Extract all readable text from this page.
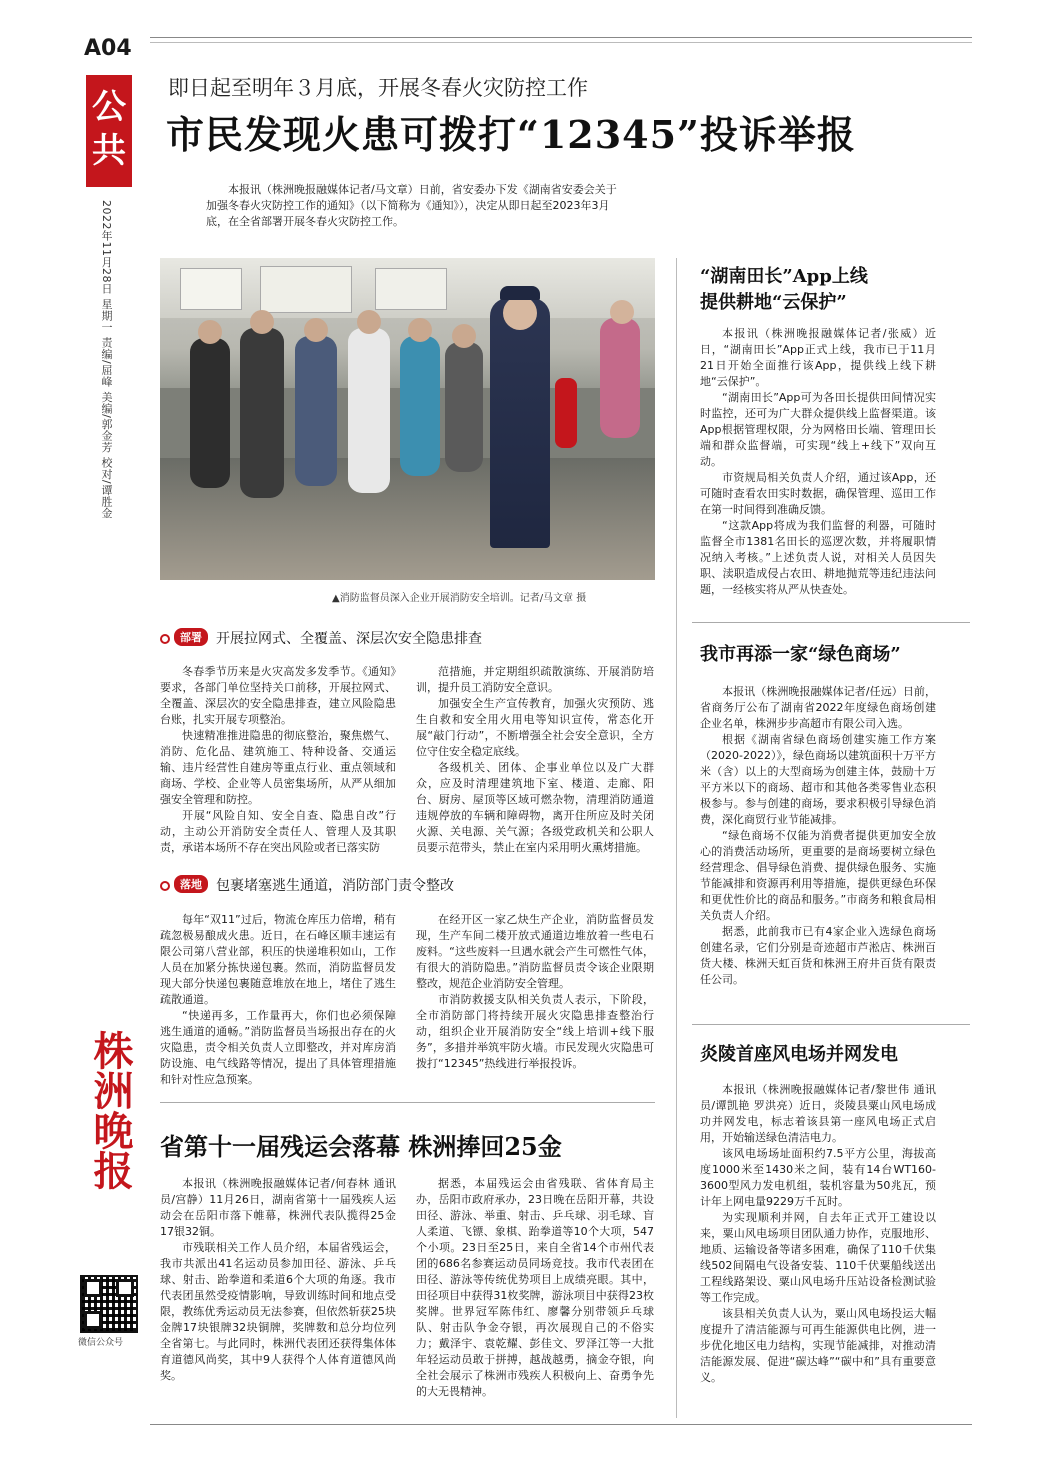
A04
公
共
2022年11月28日 星期一 责编/屈峰 美编/郭金芳 校对/谭胜金
株洲晚报
微信公众号
即日起至明年３月底，开展冬春火灾防控工作
市民发现火患可拨打“12345”投诉举报
本报讯（株洲晚报融媒体记者/马文章）日前，省安委办下发《湖南省安委会关于加强冬春火灾防控工作的通知》（以下简称为《通知》），决定从即日起至2023年3月底，在全省部署开展冬春火灾防控工作。
▲消防监督员深入企业开展消防安全培训。记者/马文章 摄
部署 开展拉网式、全覆盖、深层次安全隐患排查

冬春季节历来是火灾高发多发季节。《通知》要求，各部门单位坚持关口前移，开展拉网式、全覆盖、深层次的安全隐患排查，建立风险隐患台账，扎实开展专项整治。

快速精准推进隐患的彻底整治，聚焦燃气、消防、危化品、建筑施工、特种设备、交通运输、违片经营性自建房等重点行业、重点领域和商场、学校、企业等人员密集场所，从严从细加强安全管理和防控。

开展“风险自知、安全自查、隐患自改”行动，主动公开消防安全责任人、管理人及其职责，承诺本场所不存在突出风险或者已落实防

范措施，并定期组织疏散演练、开展消防培训，提升员工消防安全意识。

加强安全生产宣传教育，加强火灾预防、逃生自救和安全用火用电等知识宣传，常态化开展“敲门行动”，不断增强全社会安全意识，全方位守住安全稳定底线。

各级机关、团体、企事业单位以及广大群众，应及时清理建筑地下室、楼道、走廊、阳台、厨房、屋顶等区域可燃杂物，清理消防通道违规停放的车辆和障碍物，离开住所应及时关闭火源、关电源、关气源；各级党政机关和公职人员要示范带头，禁止在室内采用明火熏烤措施。

落地 包裹堵塞逃生通道，消防部门责令整改

每年“双11”过后，物流仓库压力倍增，稍有疏忽极易酿成火患。近日，在石峰区顺丰速运有限公司第八营业部，积压的快递堆积如山，工作人员在加紧分拣快递包裹。然而，消防监督员发现大部分快递包裹随意堆放在地上，堵住了逃生疏散通道。

“快递再多，工作量再大，你们也必须保障逃生通道的通畅。”消防监督员当场报出存在的火灾隐患，责令相关负责人立即整改，并对库房消防设施、电气线路等情况，提出了具体管理措施和针对性应急预案。

在经开区一家乙炔生产企业，消防监督员发现，生产车间二楼开放式通道边堆放着一些电石废料。“这些废料一旦遇水就会产生可燃性气体，有很大的消防隐患。”消防监督员责令该企业限期整改，规范企业消防安全管理。

市消防救援支队相关负责人表示，下阶段，全市消防部门将持续开展火灾隐患排查整治行动，组织企业开展消防安全“线上培训+线下服务”，多措并举筑牢防火墙。市民发现火灾隐患可拨打“12345”热线进行举报投诉。

省第十一届残运会落幕 株洲捧回25金

本报讯（株洲晚报融媒体记者/何春林 通讯员/宫静）11月26日，湖南省第十一届残疾人运动会在岳阳市落下帷幕，株洲代表队揽得25金17银32铜。

市残联相关工作人员介绍，本届省残运会，我市共派出41名运动员参加田径、游泳、乒乓球、射击、跆拳道和柔道6个大项的角逐。我市代表团虽然受疫情影响，导致训练时间和地点受限，教练优秀运动员无法参赛，但依然斩获25块金牌17块银牌32块铜牌，奖牌数和总分均位列全省第七。与此同时，株洲代表团还获得集体体育道德风尚奖，其中9人获得个人体育道德风尚奖。

据悉，本届残运会由省残联、省体育局主办，岳阳市政府承办，23日晚在岳阳开幕，共设田径、游泳、举重、射击、乒乓球、羽毛球、盲人柔道、飞镖、象棋、跆拳道等10个大项，547个小项。23日至25日，来自全省14个市州代表团的686名参赛运动员同场竞技。我市代表团在田径、游泳等传统优势项目上成绩亮眼。其中，田径项目中获得31枚奖牌，游泳项目中获得23枚奖牌。世界冠军陈伟红、廖馨分别带领乒乓球队、射击队争金夺银，再次展现自己的不俗实力；戴泽宇、袁乾耀、彭佳文、罗泽江等一大批年轻运动员敢于拼搏，越战越勇，摘金夺银，向全社会展示了株洲市残疾人积极向上、奋勇争先的大无畏精神。

“湖南田长”App上线
提供耕地“云保护”

本报讯（株洲晚报融媒体记者/张威）近日，“湖南田长”App正式上线，我市已于11月21日开始全面推行该App，提供线上线下耕地“云保护”。

“湖南田长”App可为各田长提供田间情况实时监控，还可为广大群众提供线上监督渠道。该App根据管理权限，分为网格田长端、管理田长端和群众监督端，可实现“线上+线下”双向互动。

市资规局相关负责人介绍，通过该App，还可随时查看农田实时数据，确保管理、巡田工作在第一时间得到准确反馈。

“这款App将成为我们监督的利器，可随时监督全市1381名田长的巡逻次数，并将履职情况纳入考核。”上述负责人说，对相关人员因失职、渎职造成侵占农田、耕地抛荒等违纪违法问题，一经核实将从严从快查处。

我市再添一家“绿色商场”

本报讯（株洲晚报融媒体记者/任远）日前，省商务厅公布了湖南省2022年度绿色商场创建企业名单，株洲步步高超市有限公司入选。

根据《湖南省绿色商场创建实施工作方案（2020-2022）》，绿色商场以建筑面积十万平方米（含）以上的大型商场为创建主体，鼓励十万平方米以下的商场、超市和其他各类零售业态积极参与。参与创建的商场，要求积极引导绿色消费，深化商贸行业节能减排。

“绿色商场不仅能为消费者提供更加安全放心的消费活动场所，更重要的是商场要树立绿色经营理念、倡导绿色消费、提供绿色服务、实施节能减排和资源再利用等措施，提供更绿色环保和更优性价比的商品和服务。”市商务和粮食局相关负责人介绍。

据悉，此前我市已有4家企业入选绿色商场创建名录，它们分别是奇迹超市芦淞店、株洲百货大楼、株洲天虹百货和株洲王府井百货有限责任公司。

炎陵首座风电场并网发电

本报讯（株洲晚报融媒体记者/黎世伟 通讯员/谭凯艳 罗洪亮）近日，炎陵县粟山风电场成功并网发电，标志着该县第一座风电场正式启用，开始输送绿色清洁电力。

该风电场场址面积约7.5平方公里，海拔高度1000米至1430米之间，装有14台WT160-3600型风力发电机组，装机容量为50兆瓦，预计年上网电量9229万千瓦时。

为实现顺利并网，自去年正式开工建设以来，粟山风电场项目团队通力协作，克服地形、地质、运输设备等诸多困难，确保了110千伏集线502间隔电气设备安装、110千伏粟船线送出工程线路架设、粟山风电场升压站设备检测试验等工作完成。

该县相关负责人认为，粟山风电场投运大幅度提升了清洁能源与可再生能源供电比例，进一步优化地区电力结构，实现节能减排，对推动清洁能源发展、促进“碳达峰”“碳中和”具有重要意义。
